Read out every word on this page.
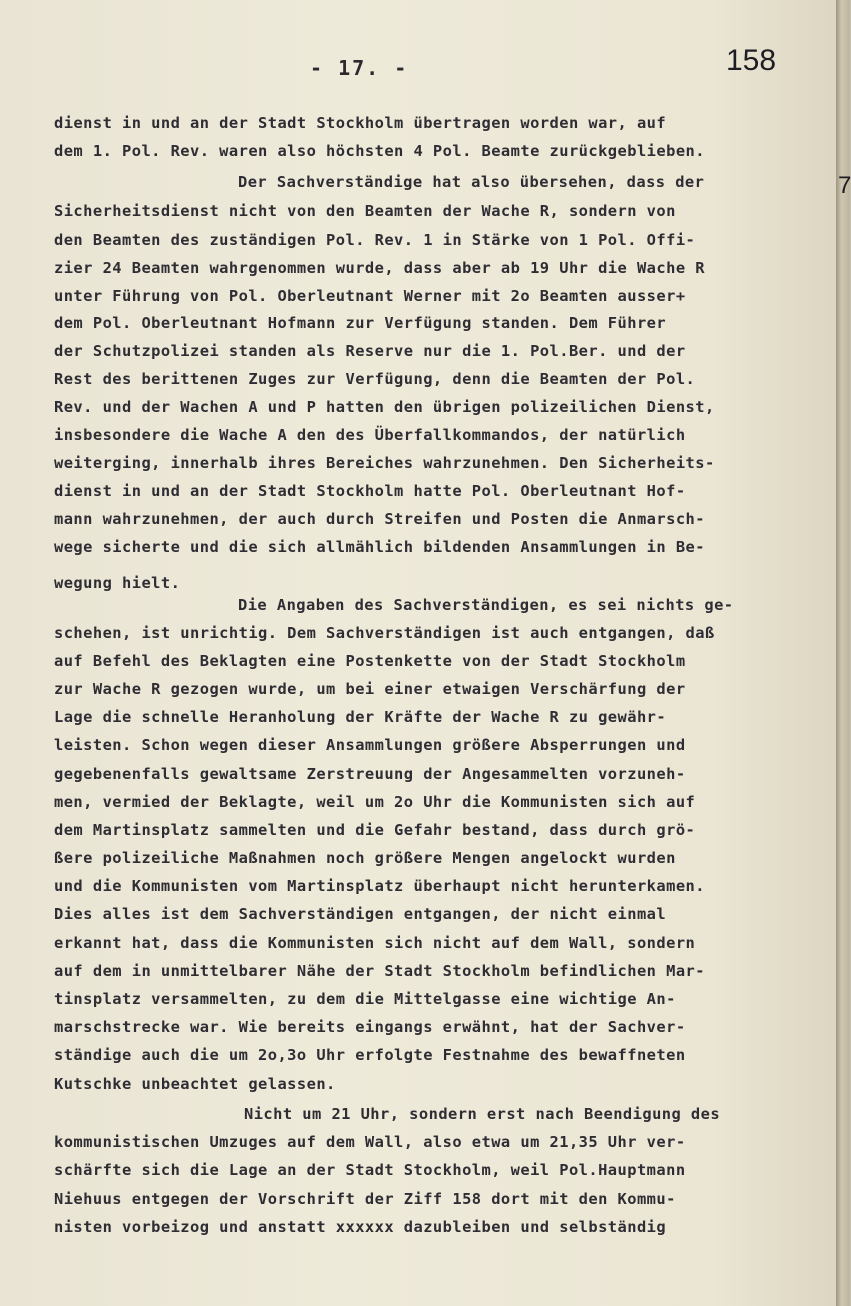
- 17. -	158
7
dienst in und an der Stadt Stockholm übertragen worden war, auf
dem 1. Pol. Rev. waren also höchsten 4 Pol. Beamte zurückgeblieben.
Der Sachverständige hat also übersehen, dass der
Sicherheitsdienst nicht von den Beamten der Wache R, sondern von
den Beamten des zuständigen Pol. Rev. 1 in Stärke von 1 Pol. Offi-
zier 24 Beamten wahrgenommen wurde, dass aber ab 19 Uhr die Wache R
unter Führung von Pol. Oberleutnant Werner mit 2o Beamten ausser+
dem Pol. Oberleutnant Hofmann zur Verfügung standen. Dem Führer
der Schutzpolizei standen als Reserve nur die 1. Pol.Ber. und der
Rest des berittenen Zuges zur Verfügung, denn die Beamten der Pol.
Rev. und der Wachen A und P hatten den übrigen polizeilichen Dienst,
insbesondere die Wache A den des Überfallkommandos, der natürlich
weiterging, innerhalb ihres Bereiches wahrzunehmen. Den Sicherheits-
dienst in und an der Stadt Stockholm hatte Pol. Oberleutnant Hof-
mann wahrzunehmen, der auch durch Streifen und Posten die Anmarsch-
wege sicherte und die sich allmählich bildenden Ansammlungen in Be-
wegung hielt.
Die Angaben des Sachverständigen, es sei nichts ge-
schehen, ist unrichtig. Dem Sachverständigen ist auch entgangen, daß
auf Befehl des Beklagten eine Postenkette von der Stadt Stockholm
zur Wache R gezogen wurde, um bei einer etwaigen Verschärfung der
Lage die schnelle Heranholung der Kräfte der Wache R zu gewähr-
leisten. Schon wegen dieser Ansammlungen größere Absperrungen und
gegebenenfalls gewaltsame Zerstreuung der Angesammelten vorzuneh-
men, vermied der Beklagte, weil um 2o Uhr die Kommunisten sich auf
dem Martinsplatz sammelten und die Gefahr bestand, dass durch grö-
ßere polizeiliche Maßnahmen noch größere Mengen angelockt wurden
und die Kommunisten vom Martinsplatz überhaupt nicht herunterkamen.
Dies alles ist dem Sachverständigen entgangen, der nicht einmal
erkannt hat, dass die Kommunisten sich nicht auf dem Wall, sondern
auf dem in unmittelbarer Nähe der Stadt Stockholm befindlichen Mar-
tinsplatz versammelten, zu dem die Mittelgasse eine wichtige An-
marschstrecke war. Wie bereits eingangs erwähnt, hat der Sachver-
ständige auch die um 2o,3o Uhr erfolgte Festnahme des bewaffneten
Kutschke unbeachtet gelassen.
Nicht um 21 Uhr, sondern erst nach Beendigung des
kommunistischen Umzuges auf dem Wall, also etwa um 21,35 Uhr ver-
schärfte sich die Lage an der Stadt Stockholm, weil Pol.Hauptmann
Niehuus entgegen der Vorschrift der Ziff 158 dort mit den Kommu-
nisten vorbeizog und anstatt xxxxxx dazubleiben und selbständig
